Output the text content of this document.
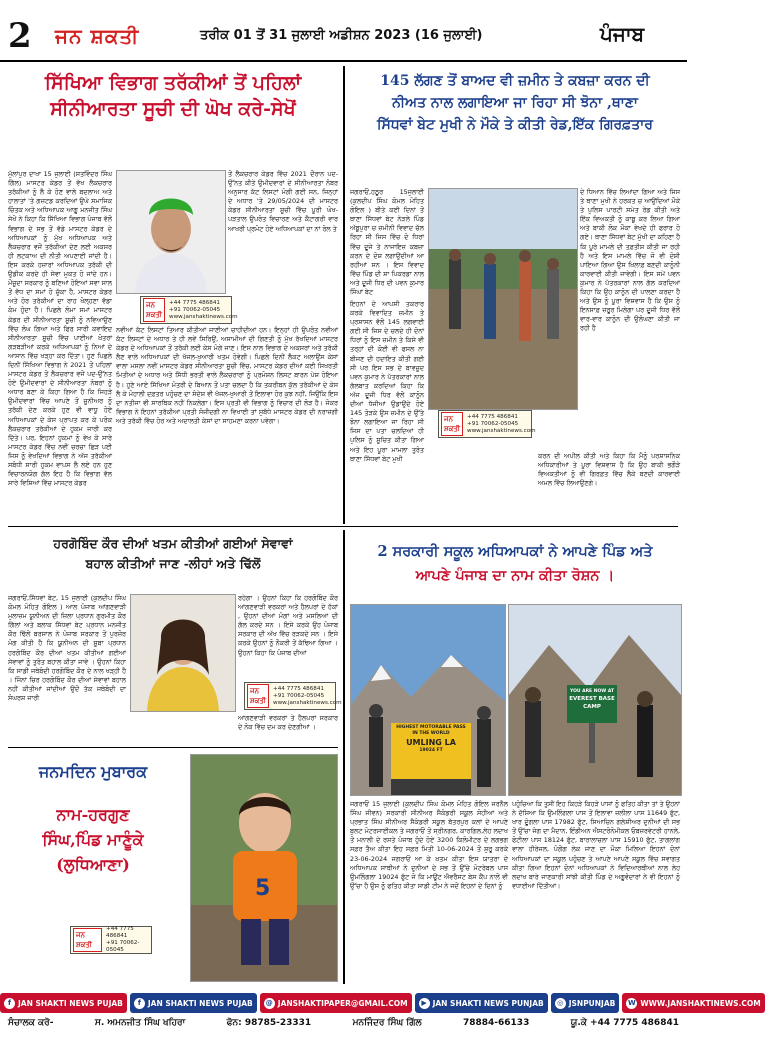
2 ਜਨ ਸ਼ਕਤੀ	ਤਰੀਕ 01 ਤੋਂ 31 ਜੁਲਾਈ ਅਡੀਸ਼ਨ 2023 (16 ਜੁਲਾਈ)	ਪੰਜਾਬ
ਸਿੱਖਿਆ ਵਿਭਾਗ ਤਰੱਕੀਆਂ ਤੋਂ ਪਹਿਲਾਂ
ਸੀਨੀਆਰਤਾ ਸੂਚੀ ਦੀ ਘੋਖ ਕਰੇ-ਸੇਖੋਂ
ਮੁੱਲਾਂਪੁਰ ਦਾਖਾ 15 ਜੁਲਾਈ (ਸਤਵਿੰਦਰ ਸਿੰਘ ਗਿੱਲ) ਮਾਸਟਰ ਕੇਡਰ ਤੋਂ ਵੱਖ ਲੈਕਚਰਾਰ ਤਰੱਕੀਆਂ ਨੂੰ ਲੈ ਕੇ ਹੋਣ ਵਾਲੇ ਬਦਲਾਅ ਅਤੇ ਹਾਲਾਤਾਂ 'ਤੇ ਗਜ਼ਟਡ ਕਰਦਿਆਂ ਉਘੇ ਸਮਾਜਿਕ ਚਿੰਤਕ ਅਤੇ ਅਧਿਆਪਕ ਆਗੂ ਮਨਜੀਤ ਸਿੰਘ ਸੇਖੋਂ ਨੇ ਕਿਹਾ ਕਿ ਸਿੱਖਿਆ ਵਿਭਾਗ ਪੰਜਾਬ ਵੱਲੋਂ ਵਿਭਾਗ ਦੇ ਸਭ ਤੋਂ ਵੱਡੇ ਮਾਸਟਰ ਕੇਡਰ ਦੇ ਅਧਿਆਪਕਾਂ ਨੂੰ ਮੁੱਖ ਅਧਿਆਪਕ ਅਤੇ ਲੈਕਚਰਾਰ ਵਜੋਂ ਤਰੱਕੀਆਂ ਦੇਣ ਲਈ ਅਕਸਰ ਹੀ ਲਟਕਾਅ ਦੀ ਨੀਤੀ ਅਪਣਾਈ ਜਾਂਦੀ ਹੈ। ਇਸ ਕਰਕੇ ਹਜ਼ਾਰਾਂ ਅਧਿਆਪਕ ਤਰੱਕੀ ਦੀ ਉਡੀਕ ਕਰਦੇ ਹੀ ਸੇਵਾ ਮੁਕਤ ਹੋ ਜਾਂਦੇ ਹਨ। ਮੌਜੂਦਾ ਸਰਕਾਰ ਨੂੰ ਬਣਿਆਂ ਹੋਇਆਂ ਸਵਾ ਸਾਲ ਤੋਂ ਵੱਧ ਦਾ ਸਮਾਂ ਹੋ ਚੁੱਕਾ ਹੈ, ਮਾਸਟਰ ਕੇਡਰ ਅਤੇ ਹੋਰ ਤਰੱਕੀਆਂ ਦਾ ਰਾਹ ਖੋਲ੍ਹਣਾ ਵੱਡਾ ਕੰਮ ਹੁੰਦਾ ਹੈ। ਪਿਛਲੇ ਲੰਮਾ ਸਮਾਂ ਮਾਸਟਰ ਕੇਡਰ ਦੀ ਸੀਨੀਆਰਤਾ ਸੂਚੀ ਨੂੰ ਨਵਿਆਉਣ ਵਿੱਚ ਲੰਘ ਗਿਆ ਅਤੇ ਫਿਰ ਸਾਰੀ ਕਵਾਇਦ ਸੀਨੀਆਰਤਾ ਸੂਚੀ ਵਿੱਚ ਪਾਈਆਂ ਖ਼ੋਤਰਾਂ ਗੜਬੜੀਆਂ ਕਰਕੇ ਅਧਿਆਪਕਾਂ ਨੂੰ ਨਿਆਂ ਦੇ ਆਸਾਨ ਵਿੱਚ ਖੜ੍ਹਾ ਕਰ ਦਿੱਤਾ। ਹੁਣ ਪਿਛਲੇ ਦਿਨੀਂ ਸਿੱਖਿਆ ਵਿਭਾਗ ਨੇ 2021 ਤੋਂ ਪਹਿਲਾਂ ਮਾਸਟਰ ਕੇਡਰ ਤੋਂ ਲੈਕਚਰਾਰ ਵਜੋਂ ਪਦ-ਉੱਨਤ ਹੋਏ ਉਮੀਦਵਾਰਾਂ ਦੇ ਸੀਨੀਆਰਤਾ ਨੰਬਰਾਂ ਨੂੰ ਅਧਾਰ ਬਣਾ ਕੇ ਕਿਹਾ ਗਿਆ ਹੈ ਕਿ ਜਿਹੜੇ ਉਮੀਦਵਾਰਾਂ ਵਿੱਚ ਆਪਣੇ ਤੋਂ ਜੂਨੀਅਰ ਨੂੰ ਤਰੱਕੀ ਦੇਣ ਕਰਕੇ ਹੁਣ ਵੀ ਵਾਧੂ ਹੋਏ ਅਧਿਆਪਕਾਂ ਦੇ ਕੇਸ ਪ੍ਰਾਪਤ ਕਰ ਕੇ ਪਰੋਕ ਲੈਕਚਰਾਰ ਤਰੱਕੀਆਂ ਦੇ ਹੁਕਮ ਜਾਰੀ ਕਰ ਦਿੱਤੇ। ਪਰ, ਇਹਨਾਂ ਹੁਕਮਾਂ ਨੂੰ ਵੇਖ ਕੇ ਸਾਰੇ ਮਾਸਟਰ ਕੇਡਰ ਵਿੱਚ ਨਵੀਂ ਚਰਚਾ ਛਿੜ ਪਈ ਜਿਸ ਨੂੰ ਵੇਖਦਿਆਂ ਵਿਭਾਗ ਨੇ ਅੱਜ ਤਰੱਕੀਆਂ ਸਬੰਧੀ ਸਾਰੀ ਹੁਕਮ ਵਾਪਸ ਲੈ ਲਏ ਹਨ ਹੁਣ ਵਿਚਾਰਨਯੋਗ ਗੱਲ ਇਹ ਹੈ ਕਿ ਵਿਭਾਗ ਵੱਲ ਸਾਰੇ ਵਿਸ਼ਿਆਂ ਵਿੱਚ ਮਾਸਟਰ ਕੇਡਰ
ਜਨ ਸ਼ਕਤੀ
+44 7775 486841
+91 70062-05045
www.janshaktinews.com
ਤੋਂ ਲੈਕਚਰਾਰ ਕੇਡਰ ਵਿੱਚ 2021 ਦੌਰਾਨ ਪਦ-ਉੱਨਤ ਕੀਤੇ ਉਮੀਦਵਾਰਾਂ ਦੇ ਸੀਨੀਆਰਤਾ ਨੰਬਰ ਅਨੁਸਾਰ ਕੱਟ ਲਿਸਟਾਂ ਮੰਗੀ ਗਈ ਸਨ, ਜਿਨ੍ਹਾਂ ਦੇ ਅਧਾਰ 'ਤੇ 29/05/2024 ਦੀ ਮਾਸਟਰ ਕੇਡਰ ਸੀਨੀਆਰਤਾ ਸੂਚੀ ਵਿੱਚ ਪੂਰੀ ਘੋਖ-ਪੜਤਾਲ ਉਪਰੰਤ ਵਿਚਾਰਣ ਅਤੇ ਕੈਟਾਗਰੀ ਵਾਰ ਆਖਰੀ ਪ੍ਰਮੋਟ ਹੋਏ ਅਧਿਆਪਕਾਂ ਦਾ ਨਾਂ ਰੋਲ ਤੇ
ਨਵੀਆਂ ਕੱਟ ਲਿਸਟਾਂ ਤਿਆਰ ਕੀਤੀਆਂ ਜਾਣੀਆਂ ਚਾਹੀਦੀਆਂ ਹਨ। ਇਨ੍ਹਾਂ ਹੀ ਉਪਰੰਤ ਨਵੀਆਂ ਕੱਟ ਲਿਸਟਾਂ ਦੇ ਅਧਾਰ ਤੇ ਹੀ ਲਵੇਂ ਸਿਰਿਉਂ, ਅਸਾਮੀਆਂ ਦੀ ਗਿਣਤੀ ਨੂੰ ਮੁੱਖ ਰੱਖਦਿਆਂ ਮਾਸਟਰ ਕੇਡਰ ਦੇ ਅਧਿਆਪਕਾਂ ਤੋਂ ਤਰੱਕੀ ਲਈ ਕੇਸ ਮੰਗੇ ਜਾਣ। ਇਸ ਨਾਲ ਵਿਭਾਗ ਦੇ ਅਕਸਰਾਂ ਅਤੇ ਤਰੱਕੀ ਲੈਣ ਵਾਲੇ ਅਧਿਆਪਕਾਂ ਦੀ ਖੱਜਲ-ਖੁਆਰੀ ਖਤਮ ਹੋਵੇਗੀ। ਪਿਛਲੇ ਦਿਨੀਂ ਲੈਕਟ ਅਲਾਉਂਸ ਕੇਸਾਂ ਵਾਲਾ ਮਸਲਾ ਨਵੀਂ ਮਾਸਟਰ ਕੇਡਰ ਸੀਨੀਆਰਤਾ ਸੂਚੀ ਵਿੱਚ, ਮਾਸਟਰ ਕੇਡਰ ਦੀਆਂ ਕਈ ਸਿਖਰਤੀ ਮਿਤੀਆਂ ਦੇ ਅਧਾਰ ਅਤੇ ਸਿੱਧੀ ਭਰਤੀ ਵਾਲੇ ਲੈਕਚਰਾਰਾਂ ਨੂੰ ਪ੍ਰਮੋਸ਼ਨ ਲਿਸਟ ਬਾਰਨ ਪੇਸ਼ ਹੋਇਆ ਹੈ। ਹੁਣੇ ਆਏ ਸਿੱਖਿਆ ਮੰਤਰੀ ਦੇ ਬਿਆਨ ਤੋਂ ਪਤਾ ਚਲਦਾ ਹੈ ਕਿ ਤਕਰੀਬਨ ਕੁੱਲ ਤਰੱਕੀਆਂ ਦੇ ਕੇਸ ਲੈ ਕੇ ਮੋਹਾਲੀ ਦਫ਼ਤਰ ਪਹੁੰਚਣ ਦਾ ਸੰਦੇਸ਼ ਵੀ ਖੱਜਲ-ਖੁਆਰੀ ਤੋਂ ਇਲਾਵਾ ਹੋਰ ਕੁਝ ਨਹੀਂ, ਜਿਉਂਕਿ ਇਸ ਦਾ ਨਤੀਜਾ ਵੀ ਸਾਰਥਿਕ ਨਹੀਂ ਨਿਕਲੇਗਾ। ਇਸ ਪ੍ਰਤੀ ਵੀ ਵਿਭਾਗ ਨੂੰ ਵਿਚਾਰ ਦੀ ਲੋੜ ਹੈ। ਜੋਕਰ ਵਿਭਾਗ ਨੇ ਇਹਨਾਂ ਤਰੱਕੀਆਂ ਪ੍ਰਤੀ ਸੰਜੀਦਗੀ ਨਾ ਵਿਖਾਈ ਤਾਂ ਸੁਬੱਧੇ ਮਾਸਟਰ ਕੇਡਰ ਦੀ ਨਰਾਜ਼ਗੀ ਅਤੇ ਤਰੱਕੀ ਵਿੱਚ ਹੋਰ ਅਤੇ ਅਦਾਲਤੀ ਕੇਸਾਂ ਦਾ ਸਾਹਮਣਾ ਕਰਨਾ ਪਵੇਗਾ।
145 ਲੱਗਣ ਤੋਂ ਬਾਅਦ ਵੀ ਜ਼ਮੀਨ ਤੇ ਕਬਜ਼ਾ ਕਰਨ ਦੀ
ਨੀਅਤ ਨਾਲ ਲਗਾਇਆ ਜਾ ਰਿਹਾ ਸੀ ਝੋਨਾ ,ਥਾਣਾ
ਸਿੱਧਵਾਂ ਬੇਟ ਮੁਖੀ ਨੇ ਮੌਕੇ ਤੇ ਕੀਤੀ ਰੇਡ,ਇੱਕ ਗਿਰਫ਼ਤਾਰ
ਜਗਰਾਓਂ,ਹਠੂਰ 15ਜੁਲਾਈ (ਕੁਲਦੀਪ ਸਿੰਘ ਕੋਮਲ ਮੋਹਿਤ ਗੋਇਲ ) ਬੀਤੇ ਕਈ ਦਿਨਾਂ ਤੋਂ ਥਾਣਾ ਸਿੱਧਵਾਂ ਬੇਟ ਨੇੜਲੇ ਪਿੰਡ ਅੱਬੂਪੁਰਾ ਚ ਜ਼ਮੀਨੀ ਵਿਵਾਦ ਚੱਲ ਰਿਹਾ ਸੀ ਜਿਸ ਵਿੱਚ ਦੋ ਧਿਰਾਂ ਵਿੱਚ ਦੂਜੇ ਤੇ ਨਾਜਾਇਜ਼ ਕਬਜ਼ਾ ਕਰਨ ਦੇ ਦੋਸ਼ ਲਗਾਉਂਦੀਆਂ ਆ ਰਹੀਆਂ ਸਨ । ਇਸ ਵਿਵਾਦ ਵਿੱਚ ਪਿੰਡ ਦੀ ਸ਼ਾ ਪਿਕਰਡਾ ਨਾਲ ਅਤੇ ਦੂਜੀ ਧਿਰ ਦੀ ਪਵਨ ਕੁਮਾਰ ਸਿੰਘਾਂ ਬੇਟ
ਜਨ ਸ਼ਕਤੀ
+44 7775 486841
+91 70062-05045
www.janshaktinews.com
ਇਹਨਾਂ ਦੇ ਆਪਸੀ ਤਕਰਾਰ ਕਰਕੇ ਵਿਵਾਦਿਤ ਜ਼ਮੀਨ ਤੇ ਪ੍ਰਸ਼ਾਸਨ ਵੱਲੋਂ 145 ਲਗਵਾਈ ਗਈ ਸੀ ਜਿਸ ਦੇ ਚਲਦੇ ਹੀ ਦੋਨਾਂ ਧਿਰਾਂ ਨੂੰ ਇਸ ਜ਼ਮੀਨ ਤੇ ਕਿਸੇ ਵੀ ਤਰ੍ਹਾਂ ਦੀ ਕੋਈ ਵੀ ਫਸਲ ਨਾ ਬੀਜਣ ਦੀ ਹਦਾਇਤ ਕੀਤੀ ਗਈ ਸੀ ਪਰ ਇਸ ਸਭ ਦੇ ਬਾਵਜੂਦ ਪਵਨ ਕੁਮਾਰ ਨੇ ਪੱਤਰਕਾਰਾਂ ਨਾਲ ਗੱਲਬਾਤ ਕਰਦਿਆਂ ਕਿਹਾ ਕਿ ਅੱਜ ਦੂਜੀ ਧਿਰ ਵੱਲੋਂ ਕਾਨੂੰਨ ਦੀਆਂ ਧੱਜੀਆਂ ਉਡਾਉਂਦੇ ਹੋਏ 145 ਤੋੜਕੇ ਉਸ ਜ਼ਮੀਨ ਦੇ ਉੱਤੇ ਝੋਨਾ ਲਗਾਇਆ ਜਾ ਰਿਹਾ ਸੀ ਜਿਸ ਦਾ ਪਤਾ ਚਲਦਿਆਂ ਹੀ ਪੁਲਿਸ ਨੂੰ ਸੂਚਿਤ ਕੀਤਾ ਗਿਆ ਅਤੇ ਇਹ ਪੂਰਾ ਮਾਮਲਾ ਤੁਰੰਤ ਥਾਣਾ ਸਿੱਧਵਾਂ ਬੇਟ ਮੁਖੀ
ਦੇ ਧਿਆਨ ਵਿੱਚ ਲਿਆਂਦਾ ਗਿਆ ਅਤੇ ਜਿਸ ਤੇ ਥਾਣਾ ਮੁਖੀ ਨੇ ਹਰਕਤ ਚ ਆਉਂਦਿਆਂ ਮੌਕੇ ਤੇ ਪੁਲਿਸ ਪਾਰਟੀ ਸਮੇਤ ਰੇਡ ਕੀਤੀ ਅਤੇ ਇੱਕ ਵਿਅਕਤੀ ਨੂੰ ਕਾਬੂ ਕਰ ਲਿਆ ਗਿਆ ਅਤੇ ਬਾਕੀ ਲੋਕ ਮੌਕਾ ਵੇਖਦੇ ਹੀ ਫਰਾਰ ਹੋ ਗਏ। ਥਾਣਾ ਸਿੱਧਵਾਂ ਬੇਟ ਮੁੱਖੀ ਦਾ ਕਹਿਣਾ ਹੈ ਕਿ ਪੂਰੇ ਮਾਮਲੇ ਦੀ ਤਫ਼ਤੀਸ਼ ਕੀਤੀ ਜਾ ਰਹੀ ਹੈ ਅਤੇ ਇਸ ਮਾਮਲੇ ਵਿੱਚ ਜੋ ਵੀ ਦੋਸ਼ੀ ਪਾਇਆ ਗਿਆ ਉਸ ਖਿਲਾਫ਼ ਬਣਦੀ ਕਾਨੂੰਨੀ ਕਾਰਵਾਈ ਕੀਤੀ ਜਾਵੇਗੀ। ਇਸ ਸਮੇਂ ਪਵਨ ਕੁਮਾਰ ਨੇ ਪੱਤਰਕਾਰਾਂ ਨਾਲ ਗੱਲ ਕਰਦਿਆਂ ਕਿਹਾ ਕਿ ਉਹ ਕਾਨੂੰਨ ਦੀ ਪਾਲਣਾ ਕਰਦਾ ਹੈ ਅਤੇ ਉਸ ਨੂੰ ਪੂਰਾ ਵਿਸ਼ਵਾਸ ਹੈ ਕਿ ਉਸ ਨੂੰ ਇਨਸਾਫ਼ ਜ਼ਰੂਰ ਮਿਲੇਗਾ ਪਰ ਦੂਜੀ ਧਿਰ ਵੱਲੋਂ ਵਾਰ-ਵਾਰ ਕਾਨੂੰਨ ਦੀ ਉਲੰਘਣਾ ਕੀਤੀ ਜਾ ਰਹੀ ਹੈ
ਕਰਨ ਦੀ ਅਪੀਲ ਕੀਤੀ ਅਤੇ ਕਿਹਾ ਕਿ ਮੈਨੂੰ ਪਰਸ਼ਾਸਨਿਕ ਅਧਿਕਾਰੀਆਂ ਤੇ ਪੂਰਾ ਵਿਸ਼ਵਾਸ ਹੈ ਕਿ ਉਹ ਬਾਕੀ ਭਗੌੜੇ ਵਿਅਕਤੀਆਂ ਨੂੰ ਵੀ ਗਿਰਫ਼ਤ ਵਿੱਚ ਲੈਕੇ ਬਣਦੀ ਕਾਰਵਾਈ ਅਮਲ ਵਿੱਚ ਲਿਆਉਣਗੇ।
ਹਰਗੋਬਿੰਦ ਕੌਰ ਦੀਆਂ ਖਤਮ ਕੀਤੀਆਂ ਗਈਆਂ ਸੇਵਾਵਾਂ
ਬਹਾਲ ਕੀਤੀਆਂ ਜਾਣ -ਲੀਹਾਂ ਅਤੇ ਢਿੱਲੋਂ
ਜਗਰਾਓਂ,ਸਿੱਧਵਾਂ ਬੇਟ, 15 ਜੁਲਾਈ (ਕੁਲਦੀਪ ਸਿੰਘ ਕੋਮਲ ਮੋਹਿਤ ਗੋਇਲ ) ਆਲ ਪੰਜਾਬ ਆਂਗਣਵਾੜੀ ਮੁਲਾਜ਼ਮ ਯੂਨੀਅਨ ਦੀ ਜ਼ਿਲਾ ਪ੍ਰਧਾਨ ਗੁਰਮੀਤ ਕੌਰ ਗਿੱਲਾਂ ਅਤੇ ਬਲਾਕ ਸਿੱਧਵਾਂ ਬੇਟ ਪ੍ਰਧਾਨ ਮਨਜੀਤ ਕੌਰ ਢਿੱਲੋਂ ਬਰਸਾਲ ਨੇ ਪੰਜਾਬ ਸਰਕਾਰ ਤੋਂ ਪੁਰਜ਼ੋਰ ਮੰਗ ਕੀਤੀ ਹੈ ਕਿ ਯੂਨੀਅਨ ਦੀ ਸੂਬਾ ਪ੍ਰਧਾਨ ਹਰਗੋਬਿੰਦ ਕੌਰ ਦੀਆਂ ਖਤਮ ਕੀਤੀਆਂ ਗਈਆਂ ਸੇਵਾਵਾਂ ਨੂੰ ਤੁਰੰਤ ਬਹਾਲ ਕੀਤਾ ਜਾਵੇ । ਉਹਨਾਂ ਕਿਹਾ ਕਿ ਸਾਡੀ ਜਥੇਬੰਦੀ ਹਰਗੋਬਿੰਦ ਕੌਰ ਦੇ ਨਾਲ ਖੜ੍ਹੀ ਹੈ । ਜਿੰਨਾਂ ਚਿਰ ਹਰਗੋਬਿੰਦ ਕੌਰ ਦੀਆਂ ਸੇਵਾਵਾਂ ਬਹਾਲ ਨਹੀਂ ਕੀਤੀਆਂ ਜਾਂਦੀਆਂ ਉਦੋਂ ਤੱਕ ਜਥੇਬੰਦੀ ਦਾ ਸੰਘਰਸ਼ ਜਾਰੀ
ਰਹੇਗਾ । ਉਹਨਾਂ ਕਿਹਾ ਕਿ ਹਰਗੋਬਿੰਦ ਕੌਰ ਆਂਗਣਵਾੜੀ ਵਰਕਰਾਂ ਅਤੇ ਹੈਲਪਰਾਂ ਦੇ ਹੱਕਾਂ , ਉਹਨਾਂ ਦੀਆਂ ਮੰਗਾਂ ਅਤੇ ਮਸਲਿਆਂ ਦੀ ਗੱਲ ਕਰਦੇ ਸਨ । ਇਸੇ ਕਰਕੇ ਉਹ ਪੰਜਾਬ ਸਰਕਾਰ ਦੀ ਅੱਖ ਵਿੱਚ ਰੜਕਦੇ ਸਨ । ਇਸੇ ਕਰਕੇ ਉਹਨਾਂ ਨੂੰ ਨੌਕਰੀ ਤੋਂ ਕੱਢਿਆ ਗਿਆ । ਉਹਨਾਂ ਕਿਹਾ ਕਿ ਪੰਜਾਬ ਦੀਆਂ
ਜਨ ਸ਼ਕਤੀ
+44 7775 486841
+91 70062-05045
www.janshaktinews.com
ਆਂਗਣਵਾੜੀ ਵਰਕਰਾਂ ਤੇ ਹੈਲਪਰਾਂ ਸਰਕਾਰ ਦੇ ਨੋਕ ਵਿੱਚ ਦਮ ਕਰ ਦੇਣਗੀਆਂ ।
ਜਨਮਦਿਨ ਮੁਬਾਰਕ
ਨਾਮ-ਹਰਗੁਣ
ਸਿੰਘ,ਪਿੰਡ ਮਾਣੂੰਕੇ
(ਲੁਧਿਆਣਾ)
ਜਨ ਸ਼ਕਤੀ
+44 7775 486841
+91 70062-05045
5
2 ਸਰਕਾਰੀ ਸਕੂਲ ਅਧਿਆਪਕਾਂ ਨੇ ਆਪਣੇ ਪਿੰਡ ਅਤੇ
ਆਪਣੇ ਪੰਜਾਬ ਦਾ ਨਾਮ ਕੀਤਾ ਰੋਸ਼ਨ ।
HIGHEST MOTORABLE PASS IN THE WORLD
UMLING LA
19024 FT
YOU ARE NOW AT
EVEREST BASE CAMP
ਜਗਰਾਓਂ 15 ਜੁਲਾਈ (ਕੁਲਦੀਪ ਸਿੰਘ ਕੋਮਲ ਮੋਹਿਤ ਗੋਇਲ ਜਰਨੈਲ ਸਿੰਘ ਜੀਵਨ) ਸਰਕਾਰੀ ਸੀਨੀਅਰ ਸੈਕੰਡਰੀ ਸਕੂਲ ਸੋਹੀਆਂ ਅਤੇ ਪ੍ਰਭਾਤ ਸਿੰਘ ਸੀਨੀਅਰ ਸੈਕੰਡਰੀ ਸਕੂਲ ਬੱਤਰਪੁਰ ਕਲਾਂ ਦੇ ਆਪਣੇ ਬੁਲਟ ਮੋਟਰਸਾਈਕਲ ਤੇ ਜਗਰਾਓਂ ਤੋਂ ਸ੍ਰੀਨਗਰ, ਕਾਰਗਿਲ,ਲੇਹ ਲਦਾਖ ਤੋਂ ਮਨਾਲੀ ਦੇ ਰਸਤੇ ਪੰਜਾਬ ਹੁੰਦੇ ਹੋਏ 3200 ਕਿਲੋਮੀਟਰ ਦੇ ਲਗਭਗ ਸਫ਼ਰ ਤੈਅ ਕੀਤਾ ਇਹ ਸਫ਼ਰ ਮਿਤੀ 10-06-2024 ਤੋਂ ਸ਼ੁਰੂ ਕਰਕੇ 23-06-2024 ਜਗਰਾਓਂ ਆ ਕੇ ਖ਼ਤਮ ਕੀਤਾ ਇਸ ਯਾਤਰਾ ਦੇ ਅਧਿਆਪਕ ਸਾਥੀਆਂ ਨੇ ਦੁਨੀਆਂ ਦੇ ਸਭ ਤੋਂ ਉੱਚੇ ਮੋਟਰੇਬਲ ਪਾਸ ਉਮਲਿੰਗਲਾ 19024 ਫੁੱਟ ਜੋ ਕਿ ਮਾਊਂਟ ਐਵਰੈਸਟ ਬੇਸ ਕੈਂਪ ਨਾਲੋਂ ਵੀ ਉੱਚਾ ਹੈ ਉਸ ਨੂੰ ਫਤਿਹ ਕੀਤਾ ਸਾਡੀ ਟੀਮ ਨੇ ਜਦੋਂ ਇਹਨਾਂ ਦੇ ਦਿਨਾਂ ਨੂੰ
ਪਹੁੰਚਿਆ ਕਿ ਤੁਸੀਂ ਇਹ ਕਿਹੜੇ ਕਿਹੜੇ ਪਾਸਾਂ ਨੂੰ ਫਤਿਹ ਕੀਤਾ ਤਾਂ ਤੇ ਉਹਨਾਂ ਨੇ ਦੱਸਿਆ ਕਿ ਉਮਲਿੰਗਲਾ ਪਾਸ ਤੋਂ ਇਲਾਵਾ ਜ਼ਲੀਲਾ ਪਾਸ 11649 ਫੁੱਟ, ਖਾਰ ਦੂੰਗਲਾ ਪਾਸ 17982 ਫੁੱਟ, ਸਿਆਚਿਨ ਗਲੇਸ਼ੀਅਰ ਦੁਨੀਆਂ ਦੀ ਸਭ ਤੋਂ ਉੱਚਾ ਜੰਗ ਦਾ ਮੈਦਾਨ, ਇੰਡੀਅਨ ਐਸਟਰੋਨੋਮੀਕਲ ਓਬਜ਼ਰਵੇਟਰੀ ਹਾਨਲੇ, ਫੋਟੀਲਾ ਪਾਸ 18124 ਫੁੱਟ, ਬਾਰਾਲਾਚਲਾ ਪਾਸ 15910 ਫੁੱਟ, ਤਾਗਲਾਂਗ ਵਾਲਾ ਹੀਰੇਜਲ, ਪੰਗੋਂਗ ਲੇਕ ਜਾਣ ਦਾ ਮੌਕਾ ਮਿਲਿਆ ਇਹਨਾਂ ਦੋਨਾਂ ਅਧਿਆਪਕਾਂ ਦਾ ਸਕੂਲ ਪਹੁੰਚਣ ਤੇ ਆਪਣੇ ਆਪਣੇ ਸਕੂਲ ਵਿੱਚ ਸਵਾਗਤ ਕੀਤਾ ਗਿਆ ਇਹਨਾਂ ਦੋਨਾਂ ਅਧਿਆਪਕਾਂ ਨੇ ਵਿਦਿਆਰਥੀਆਂ ਨਾਲ ਲੇਹ ਲਦਾਖ ਬਾਰੇ ਜਾਣਕਾਰੀ ਸਾਂਝੀ ਕੀਤੀ ਪਿੰਡ ਦੇ ਅਗੂਵੰਦਾਰਾਂ ਨੇ ਵੀ ਇਹਨਾਂ ਨੂੰ ਵਧਾਈਆਂ ਦਿੱਤੀਆਂ।
f JAN SHAKTI NEWS PUJAB	f JAN SHAKTI NEWS PUJAB @ JANSHAKTIPAPER@GMAIL.COM	▶ JAN SHAKTI NEWS PUNJAB	◎ JSNPUNJAB W WWW.JANSHAKTINEWS.COM
ਸੰਚਾਲਕ ਕਰੋ-	ਸ. ਅਮਨਜੀਤ ਸਿੰਘ ਖਹਿਰਾ	ਫੋਨ: 98785-23331	ਮਨਜਿੰਦਰ ਸਿੰਘ ਗਿੱਲ	78884-66133	ਯੂ.ਕੇ +44 7775 486841
